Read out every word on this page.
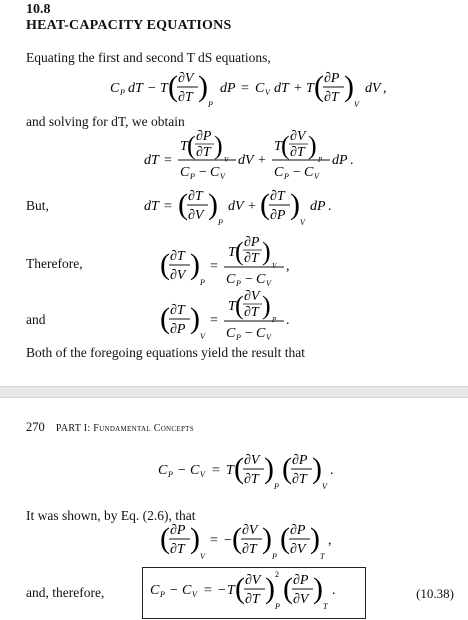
10.8
HEAT-CAPACITY EQUATIONS
Equating the first and second T dS equations,
and solving for dT, we obtain
But,
Therefore,
and
Both of the foregoing equations yield the result that
270 PART I: Fundamental Concepts
It was shown, by Eq. (2.6), that
and, therefore,
C P dT − T ( ∂V
∂T )
P
dP = C V dT + T ( ∂P
∂T )
V
dV ,
dT =
T ( ∂P
∂T ) V
C P − C V
dV +
T ( ∂V
∂T ) P
C P − C V
dP .
dT = ( ∂T
∂V )
P
dV + ( ∂T
∂P )
V
dP .
( ∂T
∂V )
P
=
T ( ∂P
∂T ) V
C P − C V
,
( ∂T
∂P )
V
=
T ( ∂V
∂T ) P
C P − C V
.
C P − C V = T ( ∂V
∂T )
P
( ∂P
∂T )
V
.
( ∂P
∂T )
V
= − ( ∂V
∂T )
P
( ∂P
∂V )
T
,
C P − C V = − T ( ∂V
∂T ) 2
P
( ∂P
∂V )
T
.	(10.38)
